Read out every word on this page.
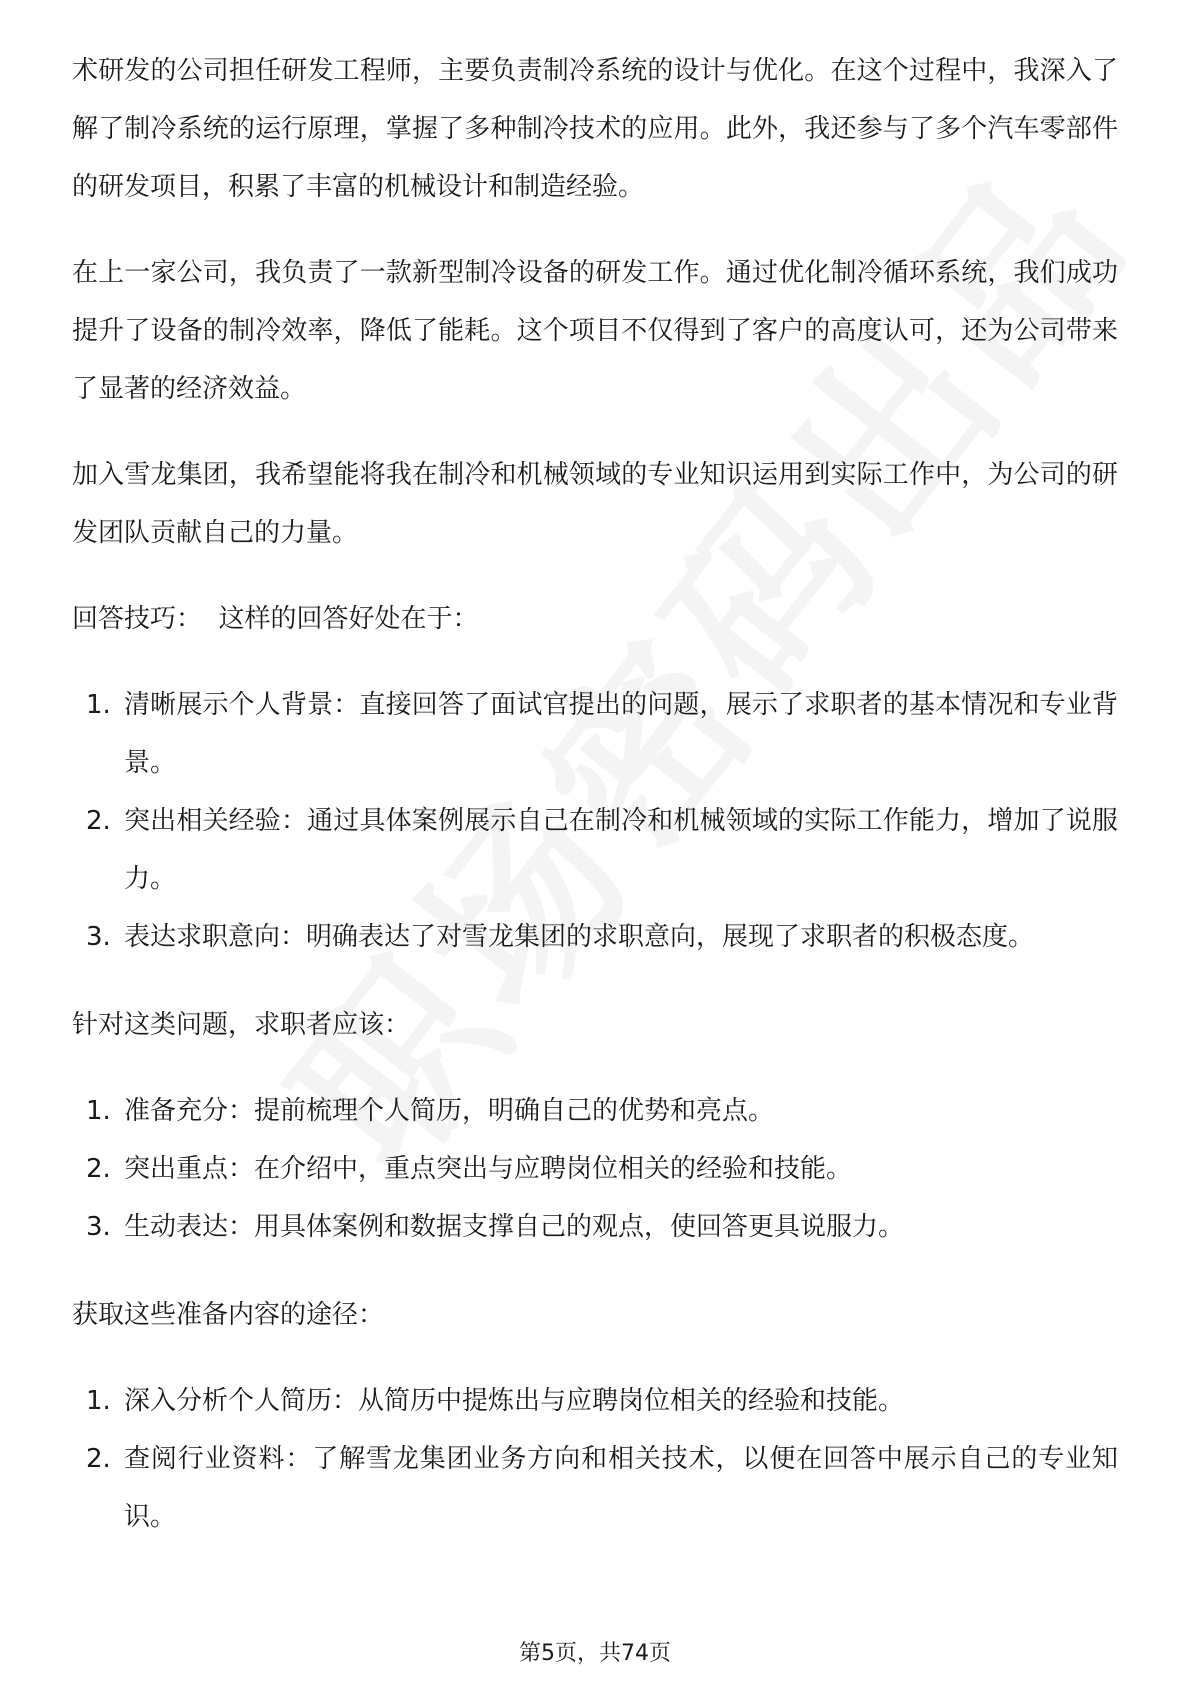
术研发的公司担任研发工程师，主要负责制冷系统的设计与优化。在这个过程中，我深入了解了制冷系统的运行原理，掌握了多种制冷技术的应用。此外，我还参与了多个汽车零部件的研发项目，积累了丰富的机械设计和制造经验。

在上一家公司，我负责了一款新型制冷设备的研发工作。通过优化制冷循环系统，我们成功提升了设备的制冷效率，降低了能耗。这个项目不仅得到了客户的高度认可，还为公司带来了显著的经济效益。

加入雪龙集团，我希望能将我在制冷和机械领域的专业知识运用到实际工作中，为公司的研发团队贡献自己的力量。

回答技巧：  这样的回答好处在于：

1. 清晰展示个人背景：直接回答了面试官提出的问题，展示了求职者的基本情况和专业背景。
2. 突出相关经验：通过具体案例展示自己在制冷和机械领域的实际工作能力，增加了说服力。
3. 表达求职意向：明确表达了对雪龙集团的求职意向，展现了求职者的积极态度。

针对这类问题，求职者应该：

1. 准备充分：提前梳理个人简历，明确自己的优势和亮点。
2. 突出重点：在介绍中，重点突出与应聘岗位相关的经验和技能。
3. 生动表达：用具体案例和数据支撑自己的观点，使回答更具说服力。

获取这些准备内容的途径：

1. 深入分析个人简历：从简历中提炼出与应聘岗位相关的经验和技能。
2. 查阅行业资料：了解雪龙集团业务方向和相关技术，以便在回答中展示自己的专业知识。
第5页，共74页
